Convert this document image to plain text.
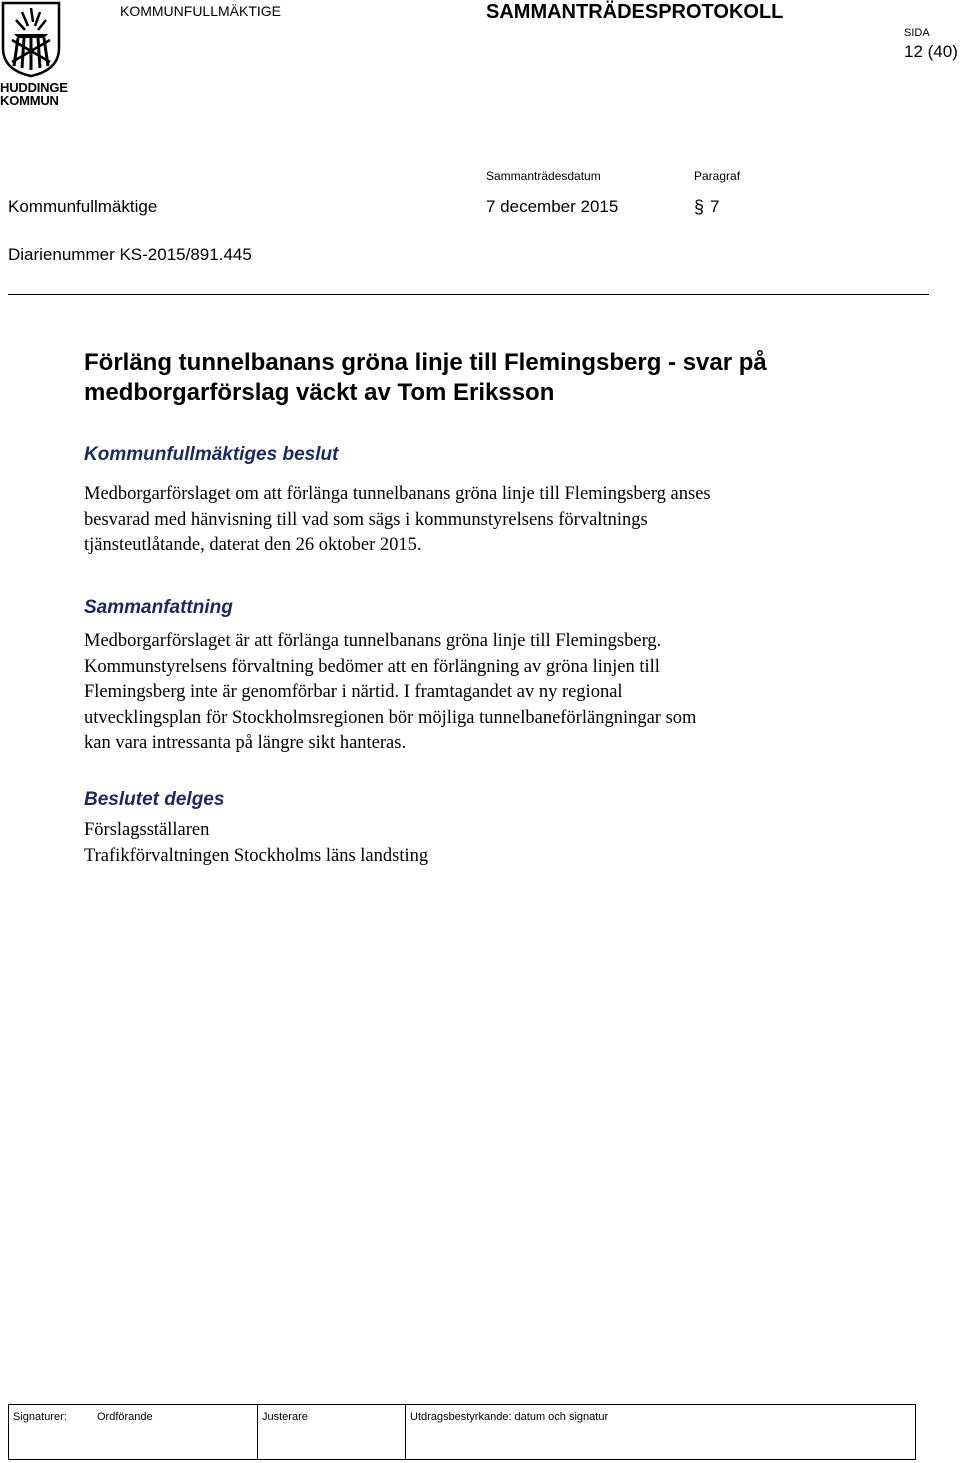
HUDDINGE
KOMMUN
KOMMUNFULLMÄKTIGE	SAMMANTRÄDESPROTOKOLL
SIDA
12 (40)
Sammanträdesdatum	Paragraf
Kommunfullmäktige	7 december 2015	§ 7
Diarienummer KS-2015/891.445
Förläng tunnelbanans gröna linje till Flemingsberg - svar på
medborgarförslag väckt av Tom Eriksson
Kommunfullmäktiges beslut
Medborgarförslaget om att förlänga tunnelbanans gröna linje till Flemingsberg anses
besvarad med hänvisning till vad som sägs i kommunstyrelsens förvaltnings
tjänsteutlåtande, daterat den 26 oktober 2015.
Sammanfattning
Medborgarförslaget är att förlänga tunnelbanans gröna linje till Flemingsberg.
Kommunstyrelsens förvaltning bedömer att en förlängning av gröna linjen till
Flemingsberg inte är genomförbar i närtid. I framtagandet av ny regional
utvecklingsplan för Stockholmsregionen bör möjliga tunnelbaneförlängningar som
kan vara intressanta på längre sikt hanteras.
Beslutet delges
Förslagsställaren
Trafikförvaltningen Stockholms läns landsting
Signaturer:	Ordförande	Justerare	Utdragsbestyrkande: datum och signatur
